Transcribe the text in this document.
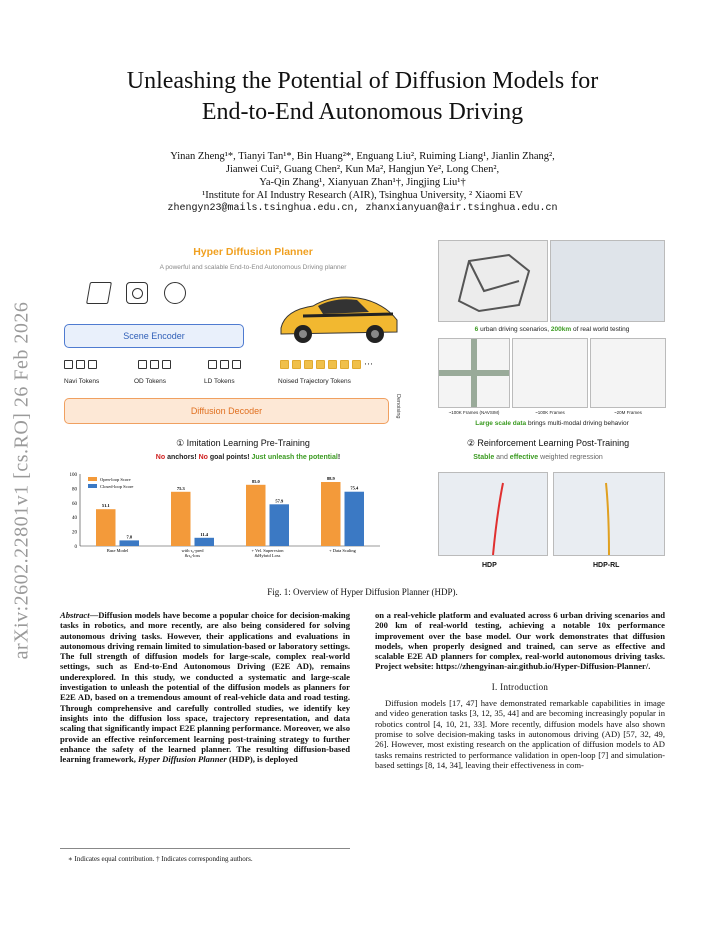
arXiv:2602.22801v1 [cs.RO] 26 Feb 2026
Unleashing the Potential of Diffusion Models for
End-to-End Autonomous Driving
Yinan Zheng¹*, Tianyi Tan¹*, Bin Huang²*, Enguang Liu², Ruiming Liang¹, Jianlin Zhang²,
Jianwei Cui², Guang Chen², Kun Ma², Hangjun Ye², Long Chen²,
Ya-Qin Zhang¹, Xianyuan Zhan¹†, Jingjing Liu¹†
¹Institute for AI Industry Research (AIR), Tsinghua University, ² Xiaomi EV
zhengyn23@mails.tsinghua.edu.cn, zhanxianyuan@air.tsinghua.edu.cn
Hyper Diffusion Planner
A powerful and scalable End-to-End Autonomous Driving planner
Scene Encoder
···
Navi Tokens	OD Tokens	LD Tokens	Noised Trajectory Tokens
Diffusion Decoder	Denoising
① Imitation Learning Pre-Training
No anchors! No goal points! Just unleash the potential!
0
20
40
60
80
100
51.1
7.8
Base Model
75.3
11.4
with τ₀-pred
&τ₀-loss
85.0
57.9
+ Vel. Supervsion
&Hybrid Loss
88.9
75.4
+ Data Scaling
Open-loop Score
Closed-loop Score
6 urban driving scenarios, 200km of real world testing
~100K Frames (NAVSIM)	~100K Frames	~20M Frames
Large scale data brings multi-modal driving behavior
② Reinforcement Learning Post-Training
Stable and effective weighted regression
HDP	HDP-RL
Fig. 1: Overview of Hyper Diffusion Planner (HDP).

Abstract—Diffusion models have become a popular choice for decision-making tasks in robotics, and more recently, are also being considered for solving autonomous driving tasks. However, their applications and evaluations in autonomous driving remain limited to simulation-based or laboratory settings. The full strength of diffusion models for large-scale, complex real-world settings, such as End-to-End Autonomous Driving (E2E AD), remains underexplored. In this study, we conducted a systematic and large-scale investigation to unleash the potential of the diffusion models as planners for E2E AD, based on a tremendous amount of real-vehicle data and road testing. Through comprehensive and carefully controlled studies, we identify key insights into the diffusion loss space, trajectory representation, and data scaling that significantly impact E2E planning performance. Moreover, we also provide an effective reinforcement learning post-training strategy to further enhance the safety of the learned planner. The resulting diffusion-based learning framework, Hyper Diffusion Planner (HDP), is deployed

on a real-vehicle platform and evaluated across 6 urban driving scenarios and 200 km of real-world testing, achieving a notable 10x performance improvement over the base model. Our work demonstrates that diffusion models, when properly designed and trained, can serve as effective and scalable E2E AD planners for complex, real-world autonomous driving tasks. Project website: https://zhengyinan-air.github.io/Hyper-Diffusion-Planner/.

I. Introduction

Diffusion models [17, 47] have demonstrated remarkable capabilities in image and video generation tasks [3, 12, 35, 44] and are becoming increasingly popular in robotics control [4, 10, 21, 33]. More recently, diffusion models have also shown promise to solve decision-making tasks in autonomous driving (AD) [57, 32, 49, 26]. However, most existing research on the application of diffusion models to AD tasks remains restricted to performance validation in open-loop [7] and simulation-based settings [8, 14, 34], leaving their effectiveness in com-

∗ Indicates equal contribution. † Indicates corresponding authors.
